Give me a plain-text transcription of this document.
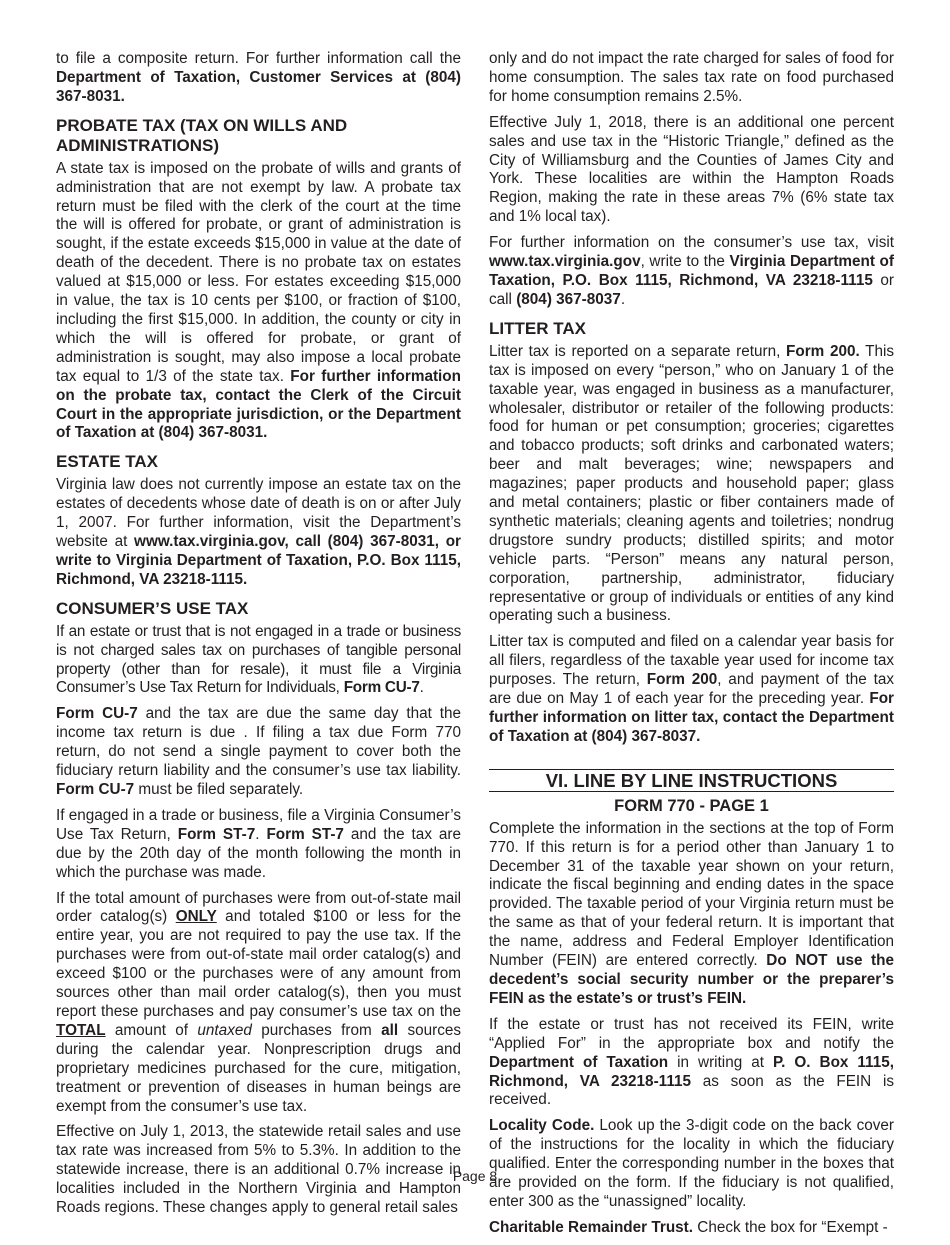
to file a composite return. For further information call the Department of Taxation, Customer Services at (804) 367-8031.

PROBATE TAX (TAX ON WILLS AND ADMINISTRATIONS)

A state tax is imposed on the probate of wills and grants of administration that are not exempt by law. A probate tax return must be filed with the clerk of the court at the time the will is offered for probate, or grant of administration is sought, if the estate exceeds $15,000 in value at the date of death of the decedent. There is no probate tax on estates valued at $15,000 or less. For estates exceeding $15,000 in value, the tax is 10 cents per $100, or fraction of $100, including the first $15,000. In addition, the county or city in which the will is offered for probate, or grant of administration is sought, may also impose a local probate tax equal to 1/3 of the state tax. For further information on the probate tax, contact the Clerk of the Circuit Court in the appropriate jurisdiction, or the Department of Taxation at (804) 367-8031.

ESTATE TAX

Virginia law does not currently impose an estate tax on the estates of decedents whose date of death is on or after July 1, 2007. For further information, visit the Department’s website at www.tax.virginia.gov, call (804) 367-8031, or write to Virginia Department of Taxation, P.O. Box 1115, Richmond, VA 23218-1115.

CONSUMER’S USE TAX

If an estate or trust that is not engaged in a trade or business is not charged sales tax on purchases of tangible personal property (other than for resale), it must file a Virginia Consumer’s Use Tax Return for Individuals, Form CU-7.

Form CU-7 and the tax are due the same day that the income tax return is due . If filing a tax due Form 770 return, do not send a single payment to cover both the fiduciary return liability and the consumer’s use tax liability. Form CU-7 must be filed separately.

If engaged in a trade or business, file a Virginia Consumer’s Use Tax Return, Form ST-7. Form ST-7 and the tax are due by the 20th day of the month following the month in which the purchase was made.

If the total amount of purchases were from out-of-state mail order catalog(s) ONLY and totaled $100 or less for the entire year, you are not required to pay the use tax. If the purchases were from out-of-state mail order catalog(s) and exceed $100 or the purchases were of any amount from sources other than mail order catalog(s), then you must report these purchases and pay consumer’s use tax on the TOTAL amount of untaxed purchases from all sources during the calendar year. Nonprescription drugs and proprietary medicines purchased for the cure, mitigation, treatment or prevention of diseases in human beings are exempt from the consumer’s use tax.

Effective on July 1, 2013, the statewide retail sales and use tax rate was increased from 5% to 5.3%. In addition to the statewide increase, there is an additional 0.7% increase in localities included in the Northern Virginia and Hampton Roads regions. These changes apply to general retail sales

only and do not impact the rate charged for sales of food for home consumption. The sales tax rate on food purchased for home consumption remains 2.5%.

Effective July 1, 2018, there is an additional one percent sales and use tax in the “Historic Triangle,” defined as the City of Williamsburg and the Counties of James City and York. These localities are within the Hampton Roads Region, making the rate in these areas 7% (6% state tax and 1% local tax).

For further information on the consumer’s use tax, visit www.tax.virginia.gov, write to the Virginia Department of Taxation, P.O. Box 1115, Richmond, VA 23218-1115 or call (804) 367-8037.

LITTER TAX

Litter tax is reported on a separate return, Form 200. This tax is imposed on every “person,” who on January 1 of the taxable year, was engaged in business as a manufacturer, wholesaler, distributor or retailer of the following products: food for human or pet consumption; groceries; cigarettes and tobacco products; soft drinks and carbonated waters; beer and malt beverages; wine; newspapers and magazines; paper products and household paper; glass and metal containers; plastic or fiber containers made of synthetic materials; cleaning agents and toiletries; nondrug drugstore sundry products; distilled spirits; and motor vehicle parts. “Person” means any natural person, corporation, partnership, administrator, fiduciary representative or group of individuals or entities of any kind operating such a business.

Litter tax is computed and filed on a calendar year basis for all filers, regardless of the taxable year used for income tax purposes. The return, Form 200, and payment of the tax are due on May 1 of each year for the preceding year. For further information on litter tax, contact the Department of Taxation at (804) 367-8037.

VI. LINE BY LINE INSTRUCTIONS
FORM 770 - PAGE 1

Complete the information in the sections at the top of Form 770. If this return is for a period other than January 1 to December 31 of the taxable year shown on your return, indicate the fiscal beginning and ending dates in the space provided. The taxable period of your Virginia return must be the same as that of your federal return. It is important that the name, address and Federal Employer Identification Number (FEIN) are entered correctly. Do NOT use the decedent’s social security number or the preparer’s FEIN as the estate’s or trust’s FEIN.

If the estate or trust has not received its FEIN, write “Applied For” in the appropriate box and notify the Department of Taxation in writing at P. O. Box 1115, Richmond, VA 23218-1115 as soon as the FEIN is received.

Locality Code. Look up the 3-digit code on the back cover of the instructions for the locality in which the fiduciary qualified. Enter the corresponding number in the boxes that are provided on the form. If the fiduciary is not qualified, enter 300 as the “unassigned” locality.

Charitable Remainder Trust. Check the box for “Exempt -

Page 8
